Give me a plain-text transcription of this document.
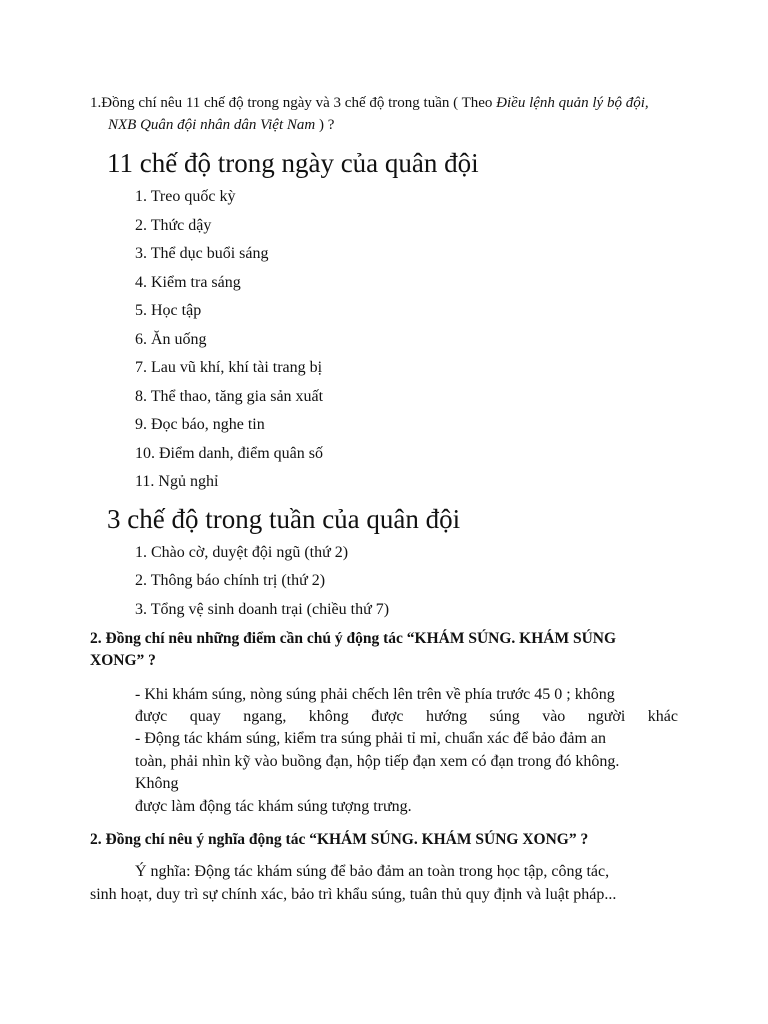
1.Đồng chí nêu 11 chế độ trong ngày và 3 chế độ trong tuần ( Theo Điều lệnh quản lý bộ đội,
NXB Quân đội nhân dân Việt Nam ) ?
11 chế độ trong ngày của quân đội
1. Treo quốc kỳ
2. Thức dậy
3. Thể dục buổi sáng
4. Kiểm tra sáng
5. Học tập
6. Ăn uống
7. Lau vũ khí, khí tài trang bị
8. Thể thao, tăng gia sản xuất
9. Đọc báo, nghe tin
10. Điểm danh, điểm quân số
11. Ngủ nghỉ
3 chế độ trong tuần của quân đội
1. Chào cờ, duyệt đội ngũ (thứ 2)
2. Thông báo chính trị (thứ 2)
3. Tổng vệ sinh doanh trại (chiều thứ 7)
2. Đồng chí nêu những điểm cần chú ý động tác “KHÁM SÚNG. KHÁM SÚNG
XONG” ?
- Khi khám súng, nòng súng phải chếch lên trên về phía trước 45 0 ; không
được quay ngang, không được hướng súng vào người khác
- Động tác khám súng, kiểm tra súng phải tỉ mỉ, chuẩn xác để bảo đảm an
toàn, phải nhìn kỹ vào buồng đạn, hộp tiếp đạn xem có đạn trong đó không.
Không
được làm động tác khám súng tượng trưng.
2. Đồng chí nêu ý nghĩa động tác “KHÁM SÚNG. KHÁM SÚNG XONG” ?
Ý nghĩa: Động tác khám súng để bảo đảm an toàn trong học tập, công tác,
sinh hoạt, duy trì sự chính xác, bảo trì khẩu súng, tuân thủ quy định và luật pháp...
